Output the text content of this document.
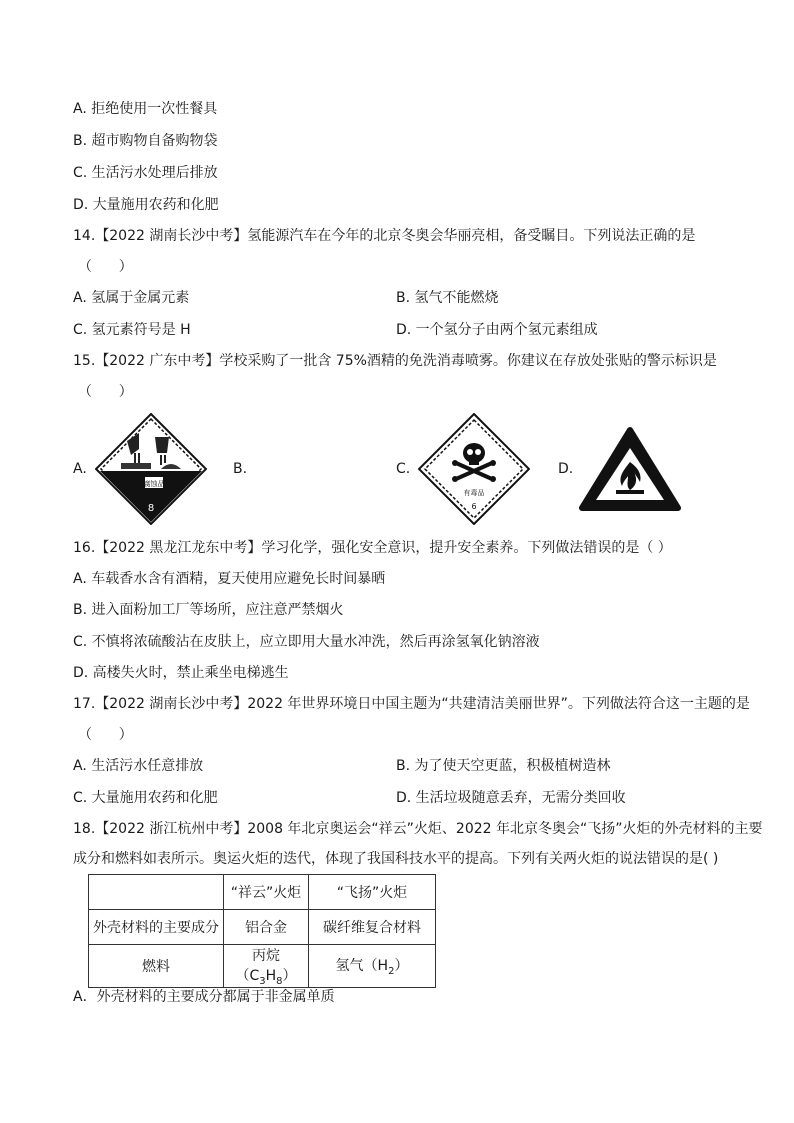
A. 拒绝使用一次性餐具
B. 超市购物自备购物袋
C. 生活污水处理后排放
D. 大量施用农药和化肥
14.【2022 湖南长沙中考】氢能源汽车在今年的北京冬奥会华丽亮相，备受瞩目。下列说法正确的是
（      ）
A. 氢属于金属元素	B. 氢气不能燃烧
C. 氢元素符号是 H	D. 一个氢分子由两个氢元素组成
15.【2022 广东中考】学校采购了一批含 75%酒精的免洗消毒喷雾。你建议在存放处张贴的警示标识是
（      ）
A.	B.	C.	D.
腐蚀品
8
有毒品
6
16.【2022 黑龙江龙东中考】学习化学，强化安全意识，提升安全素养。下列做法错误的是（ ）
A. 车载香水含有酒精，夏天使用应避免长时间暴晒
B. 进入面粉加工厂等场所，应注意严禁烟火
C. 不慎将浓硫酸沾在皮肤上，应立即用大量水冲洗，然后再涂氢氧化钠溶液
D. 高楼失火时，禁止乘坐电梯逃生
17.【2022 湖南长沙中考】2022 年世界环境日中国主题为“共建清洁美丽世界”。下列做法符合这一主题的是
（      ）
A. 生活污水任意排放	B. 为了使天空更蓝，积极植树造林
C. 大量施用农药和化肥	D. 生活垃圾随意丢弃，无需分类回收
18.【2022 浙江杭州中考】2008 年北京奥运会“祥云”火炬、2022 年北京冬奥会“飞扬”火炬的外壳材料的主要
成分和燃料如表所示。奥运火炬的迭代，体现了我国科技水平的提高。下列有关两火炬的说法错误的是( )
	“祥云”火炬	“飞扬”火炬
外壳材料的主要成分	铝合金	碳纤维复合材料
燃料	丙烷$(C_3H_8)$	氢气$(H_2)$
A．外壳材料的主要成分都属于非金属单质
